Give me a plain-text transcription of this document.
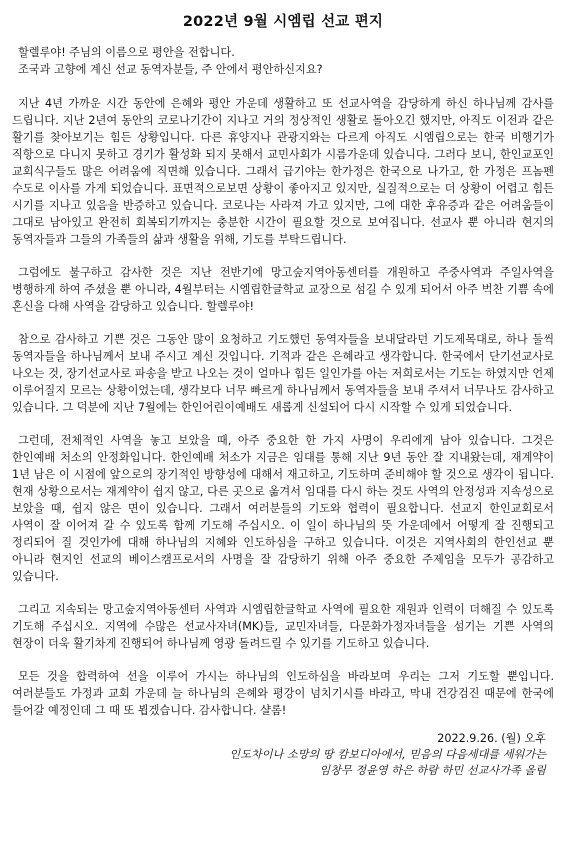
2022년 9월 시엠립 선교 편지

할렐루야! 주님의 이름으로 평안을 전합니다.

조국과 고향에 계신 선교 동역자분들, 주 안에서 평안하신지요?

지난 4년 가까운 시간 동안에 은혜와 평안 가운데 생활하고 또 선교사역을 감당하게 하신 하나님께 감사를 드립니다. 지난 2년여 동안의 코로나기간이 지나고 거의 정상적인 생활로 돌아오긴 했지만, 아직도 이전과 같은 활기를 찾아보기는 힘든 상황입니다. 다른 휴양지나 관광지와는 다르게 아직도 시엠립으로는 한국 비행기가 직항으로 다니지 못하고 경기가 활성화 되지 못해서 교민사회가 시름가운데 있습니다. 그러다 보니, 한인교포인 교회식구들도 많은 어려움에 직면해 있습니다. 그래서 급기야는 한가정은 한국으로 나가고, 한 가정은 프놈펜 수도로 이사를 가게 되었습니다. 표면적으로보면 상황이 좋아지고 있지만, 실질적으로는 더 상황이 어렵고 힘든 시기를 지나고 있음을 반증하고 있습니다. 코로나는 사라져 가고 있지만, 그에 대한 후유증과 같은 어려움들이 그대로 남아있고 완전히 회복되기까지는 충분한 시간이 필요할 것으로 보여집니다. 선교사 뿐 아니라 현지의 동역자들과 그들의 가족들의 삶과 생활을 위해, 기도를 부탁드립니다.

그럼에도 불구하고 감사한 것은 지난 전반기에 망고숲지역아동센터를 개원하고 주중사역과 주일사역을 병행하게 하여 주셨을 뿐 아니라, 4월부터는 시엠립한글학교 교장으로 섬길 수 있게 되어서 아주 벅찬 기쁨 속에 혼신을 다해 사역을 감당하고 있습니다. 할렐루야!

참으로 감사하고 기쁜 것은 그동안 많이 요청하고 기도했던 동역자들을 보내달라던 기도제목대로, 하나 둘씩 동역자들을 하나님께서 보내 주시고 계신 것입니다. 기적과 같은 은혜라고 생각합니다. 한국에서 단기선교사로 나오는 것, 장기선교사로 파송을 받고 나오는 것이 얼마나 힘든 일인가를 아는 저희로서는 기도는 하였지만 언제 이루어질지 모르는 상황이었는데, 생각보다 너무 빠르게 하나님께서 동역자들을 보내 주셔서 너무나도 감사하고 있습니다. 그 덕분에 지난 7월에는 한인어린이예배도 새롭게 신설되어 다시 시작할 수 있게 되었습니다.

그런데, 전체적인 사역을 놓고 보았을 때, 아주 중요한 한 가지 사명이 우리에게 남아 있습니다. 그것은 한인예배 처소의 안정화입니다. 한인예배 처소가 지금은 임대를 통해 지난 9년 동안 잘 지내왔는데, 재계약이 1년 남은 이 시점에 앞으로의 장기적인 방향성에 대해서 재고하고, 기도하며 준비해야 할 것으로 생각이 됩니다. 현재 상황으로서는 재계약이 쉽지 않고, 다른 곳으로 옮겨서 임대를 다시 하는 것도 사역의 안정성과 지속성으로 보았을 때, 쉽지 않은 면이 있습니다. 그래서 여러분들의 기도와 협력이 필요합니다. 선교지 한인교회로서 사역이 잘 이어져 갈 수 있도록 함께 기도해 주십시오. 이 일이 하나님의 뜻 가운데에서 어떻게 잘 진행되고 정리되어 질 것인가에 대해 하나님의 지혜와 인도하심을 구하고 있습니다. 이것은 지역사회의 한인선교 뿐 아니라 현지인 선교의 베이스캠프로서의 사명을 잘 감당하기 위해 아주 중요한 주제임을 모두가 공감하고 있습니다.

그리고 지속되는 망고숲지역아동센터 사역과 시엠립한글학교 사역에 필요한 재원과 인력이 더해질 수 있도록 기도해 주십시오. 지역에 수많은 선교사자녀(MK)들, 교민자녀들, 다문화가정자녀들을 섬기는 기쁜 사역의 현장이 더욱 활기차게 진행되어 하나님께 영광 돌려드릴 수 있기를 기도하고 있습니다.

모든 것을 합력하여 선을 이루어 가시는 하나님의 인도하심을 바라보며 우리는 그저 기도할 뿐입니다. 여러분들도 가정과 교회 가운데 늘 하나님의 은혜와 평강이 넘치기시를 바라고, 막내 건강검진 때문에 한국에 들어갈 예정인데 그 때 또 뵙겠습니다. 감사합니다. 샬롬!

2022.9.26. (월) 오후
인도차이나 소망의 땅 캄보디아에서, 믿음의 다음세대를 세워가는
임창무 정윤영 하은 하람 하민 선교사가족 올림
